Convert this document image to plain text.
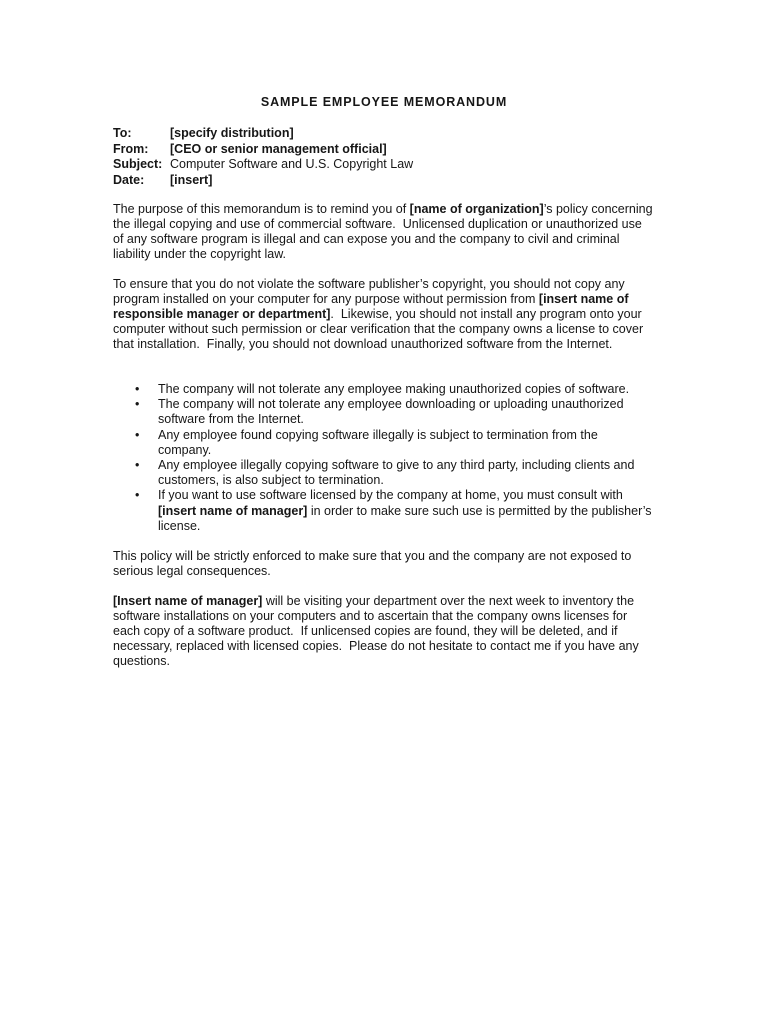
SAMPLE EMPLOYEE MEMORANDUM
To:	[specify distribution]
From: [CEO or senior management official]
Subject: Computer Software and U.S. Copyright Law
Date: [insert]
The purpose of this memorandum is to remind you of [name of organization]’s policy concerning
the illegal copying and use of commercial software.  Unlicensed duplication or unauthorized use
of any software program is illegal and can expose you and the company to civil and criminal
liability under the copyright law.
To ensure that you do not violate the software publisher’s copyright, you should not copy any
program installed on your computer for any purpose without permission from [insert name of
responsible manager or department].  Likewise, you should not install any program onto your
computer without such permission or clear verification that the company owns a license to cover
that installation.  Finally, you should not download unauthorized software from the Internet.
• The company will not tolerate any employee making unauthorized copies of software.
• The company will not tolerate any employee downloading or uploading unauthorized
software from the Internet.
• Any employee found copying software illegally is subject to termination from the
company.
• Any employee illegally copying software to give to any third party, including clients and
customers, is also subject to termination.
• If you want to use software licensed by the company at home, you must consult with
[insert name of manager] in order to make sure such use is permitted by the publisher’s
license.
This policy will be strictly enforced to make sure that you and the company are not exposed to
serious legal consequences.
[Insert name of manager] will be visiting your department over the next week to inventory the
software installations on your computers and to ascertain that the company owns licenses for
each copy of a software product.  If unlicensed copies are found, they will be deleted, and if
necessary, replaced with licensed copies.  Please do not hesitate to contact me if you have any
questions.
